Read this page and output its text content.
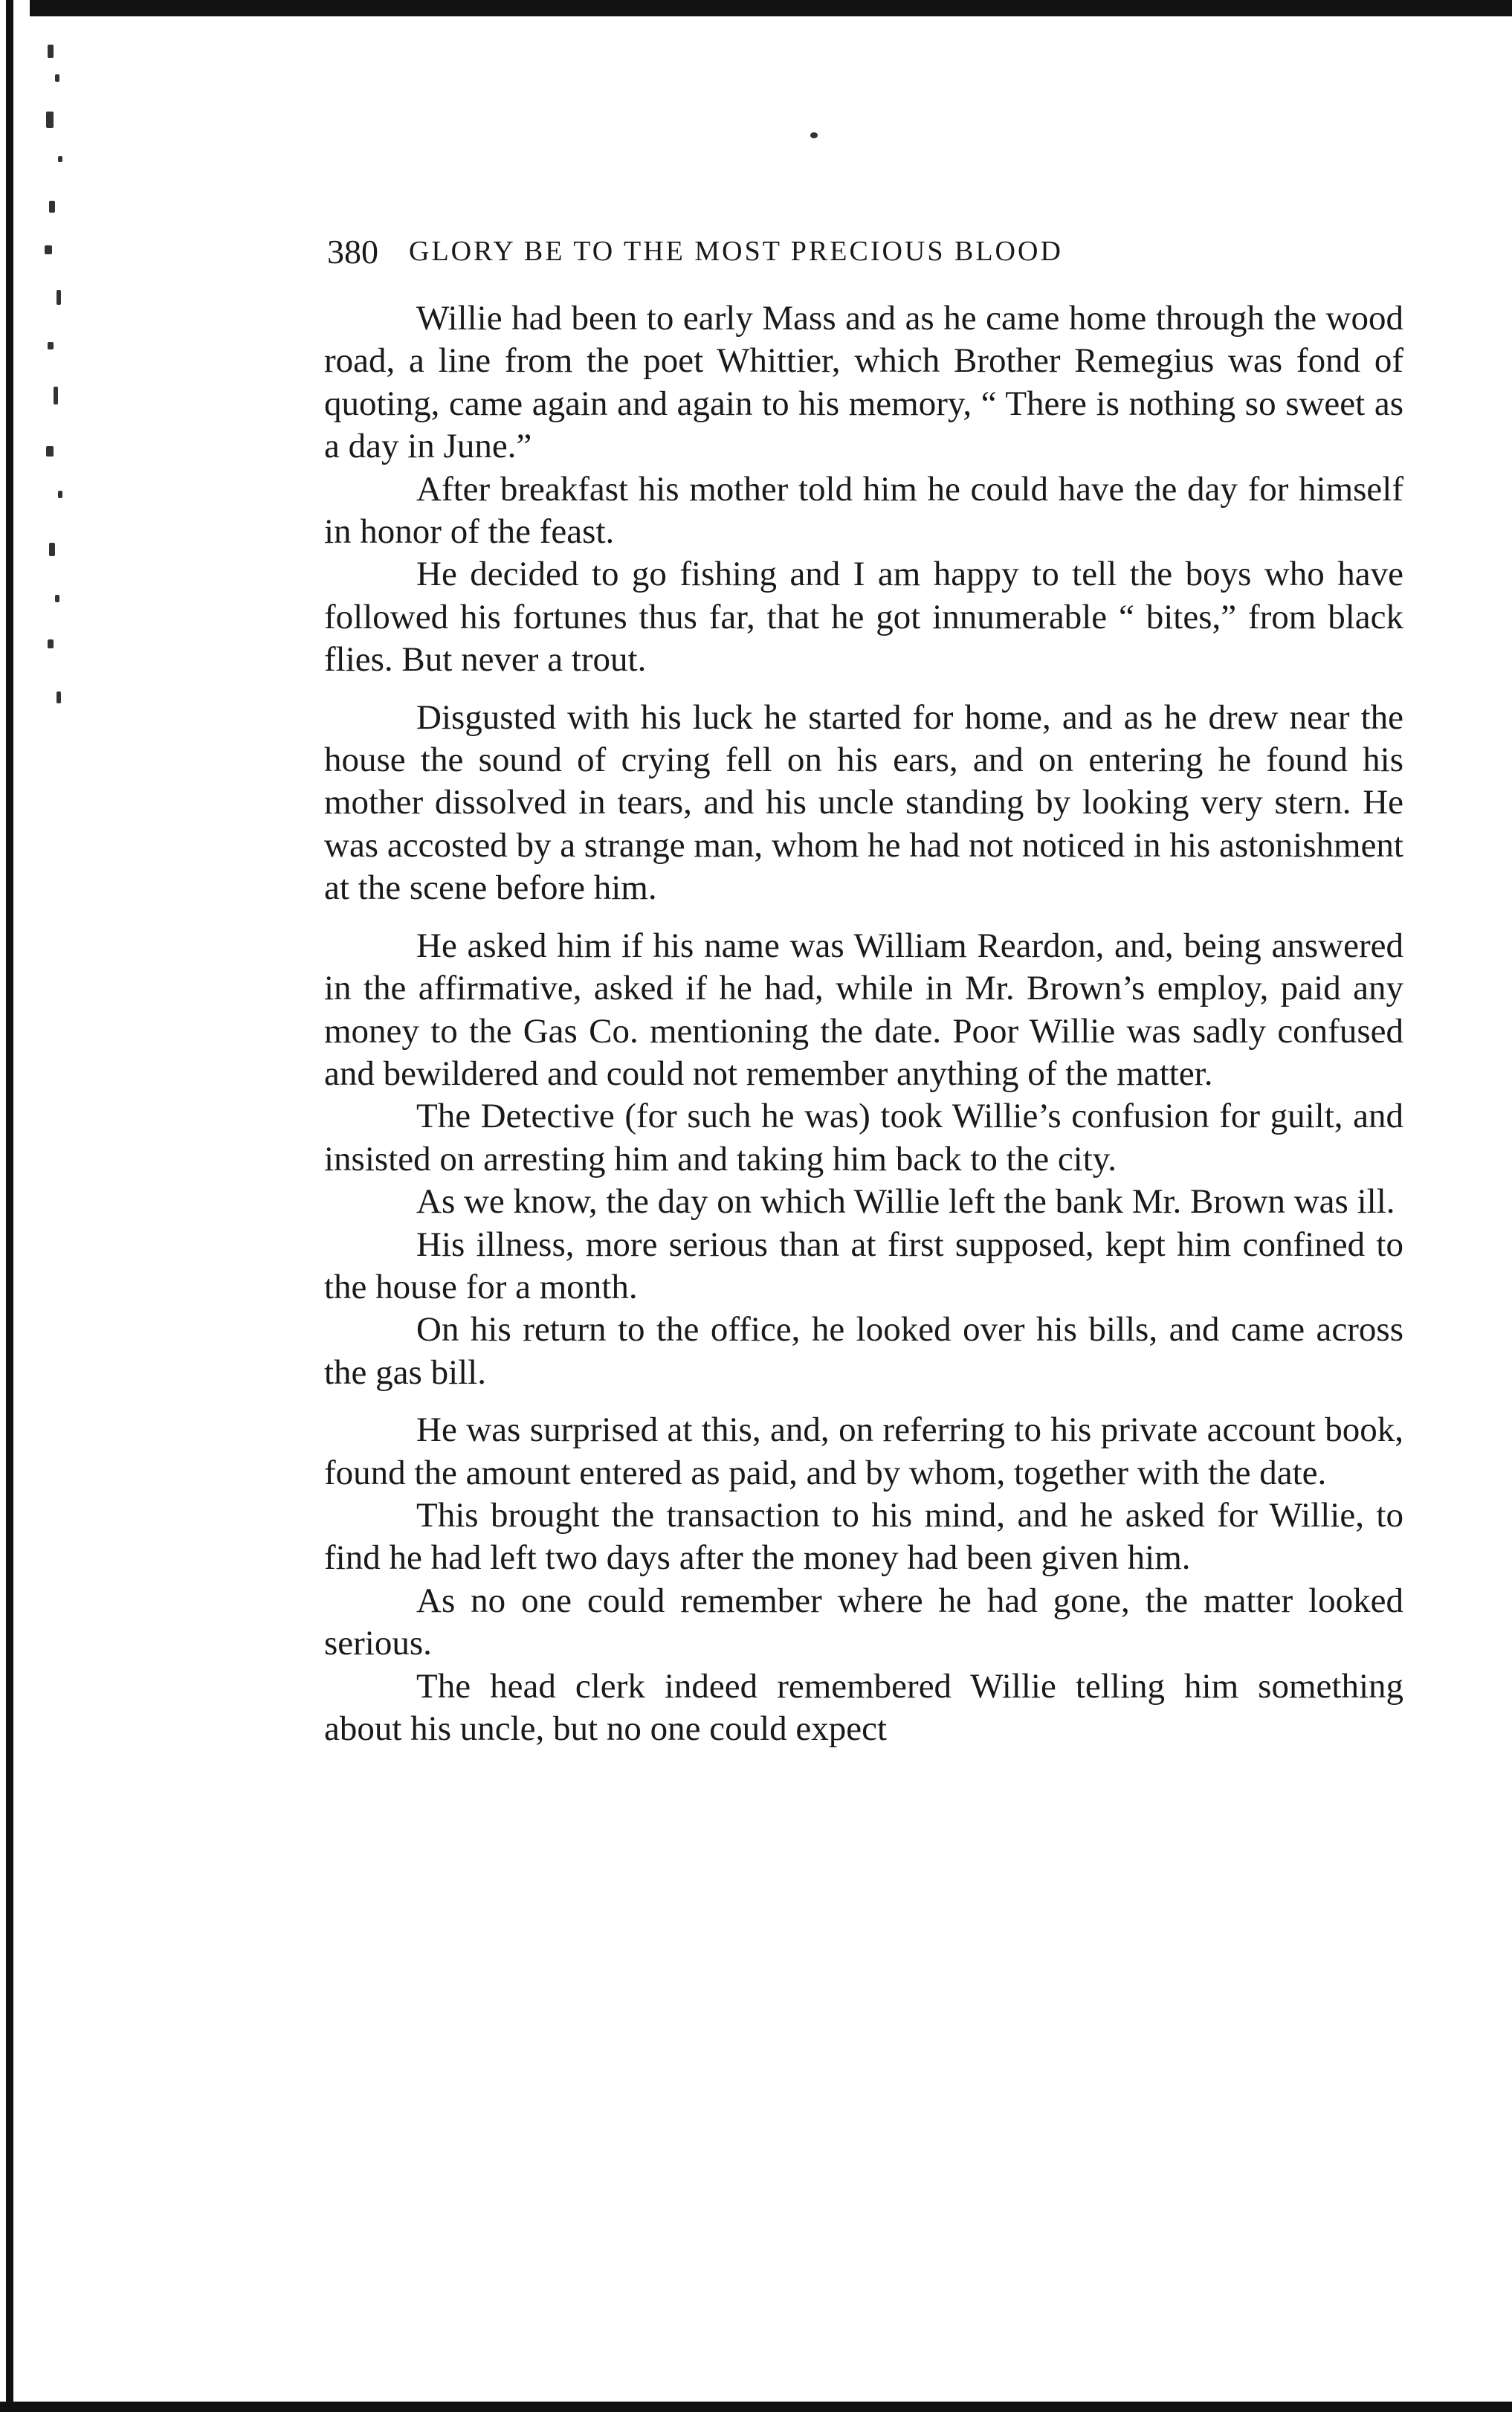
380	GLORY BE TO THE MOST PRECIOUS BLOOD

Willie had been to early Mass and as he came home through the wood road, a line from the poet Whittier, which Brother Remegius was fond of quoting, came again and again to his memory, “ There is nothing so sweet as a day in June.”

After breakfast his mother told him he could have the day for himself in honor of the feast.

He decided to go fishing and I am happy to tell the boys who have followed his fortunes thus far, that he got innumerable “ bites,” from black flies. But never a trout.

Disgusted with his luck he started for home, and as he drew near the house the sound of crying fell on his ears, and on entering he found his mother dissolved in tears, and his uncle standing by looking very stern. He was accosted by a strange man, whom he had not noticed in his astonishment at the scene before him.

He asked him if his name was William Reardon, and, being answered in the affirmative, asked if he had, while in Mr. Brown’s employ, paid any money to the Gas Co. mentioning the date. Poor Willie was sadly confused and bewildered and could not remember anything of the matter.

The Detective (for such he was) took Willie’s confusion for guilt, and insisted on arresting him and taking him back to the city.

As we know, the day on which Willie left the bank Mr. Brown was ill.

His illness, more serious than at first supposed, kept him confined to the house for a month.

On his return to the office, he looked over his bills, and came across the gas bill.

He was surprised at this, and, on referring to his private account book, found the amount entered as paid, and by whom, together with the date.

This brought the transaction to his mind, and he asked for Willie, to find he had left two days after the money had been given him.

As no one could remember where he had gone, the matter looked serious.

The head clerk indeed remembered Willie telling him something about his uncle, but no one could expect
